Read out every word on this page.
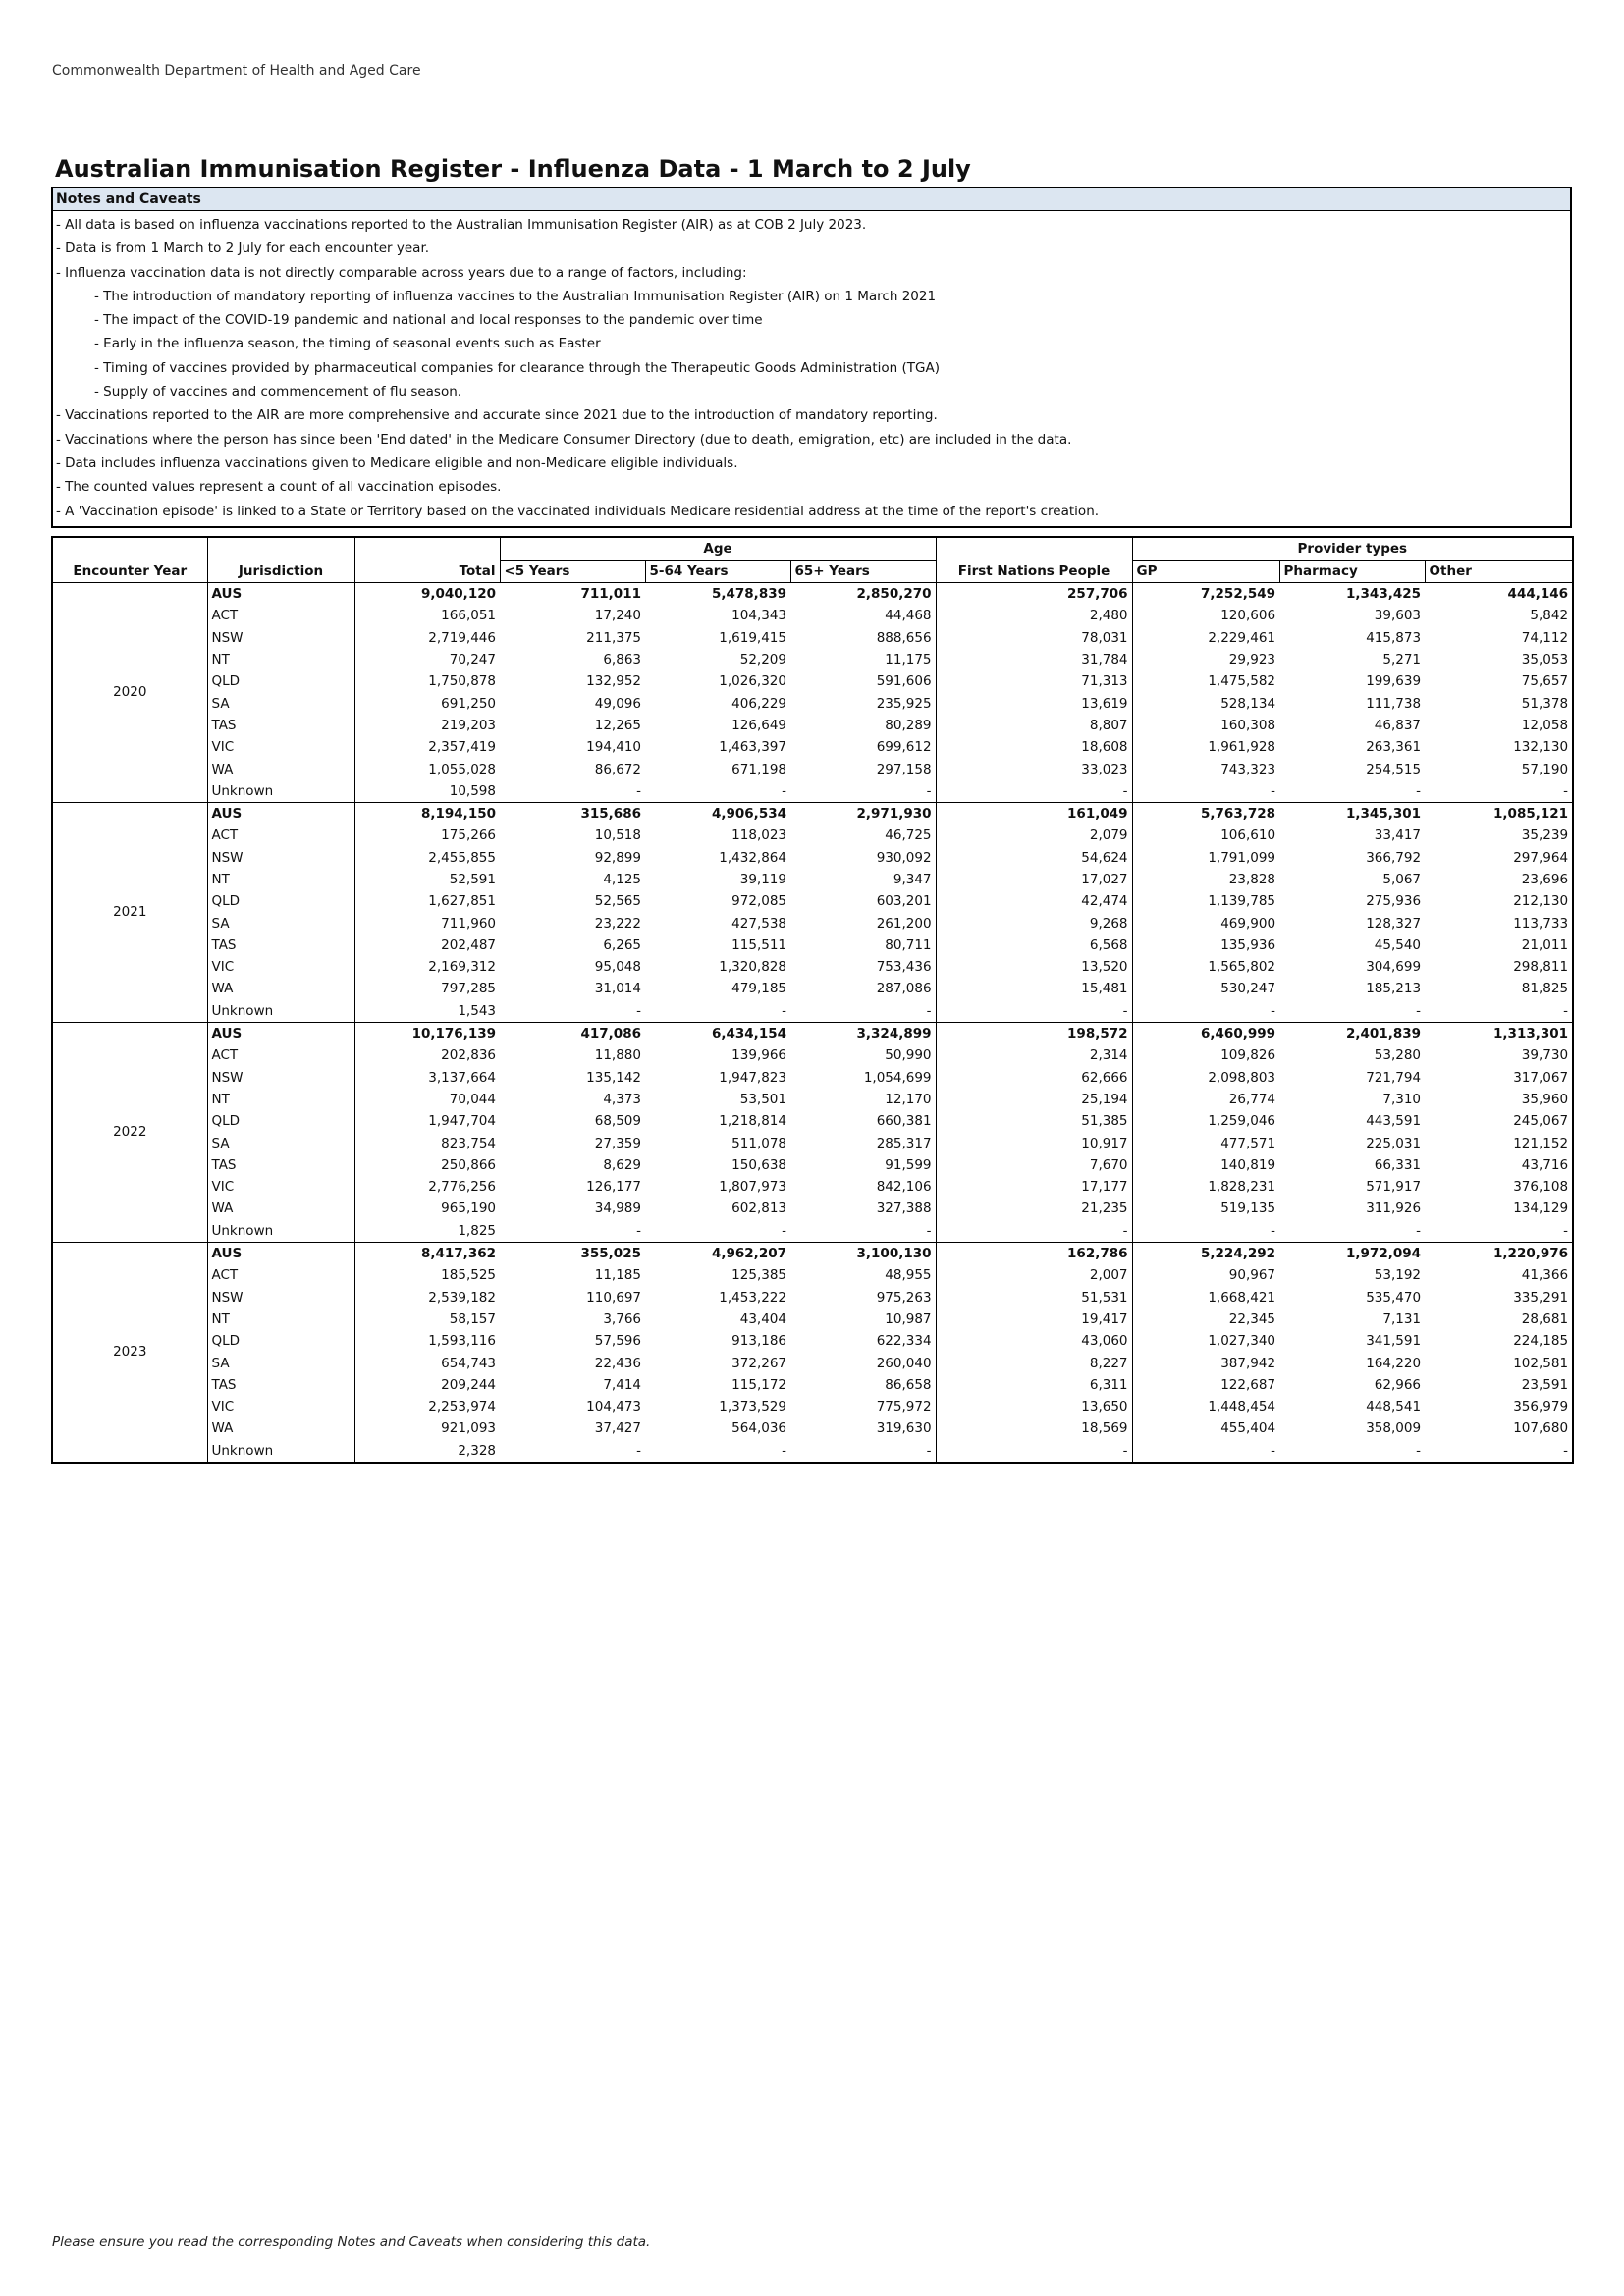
Commonwealth Department of Health and Aged Care
Australian Immunisation Register - Influenza Data - 1 March to 2 July
Notes and Caveats
- All data is based on influenza vaccinations reported to the Australian Immunisation Register (AIR) as at COB 2 July 2023.
- Data is from 1 March to 2 July for each encounter year.
- Influenza vaccination data is not directly comparable across years due to a range of factors, including:
- The introduction of mandatory reporting of influenza vaccines to the Australian Immunisation Register (AIR) on 1 March 2021
- The impact of the COVID-19 pandemic and national and local responses to the pandemic over time
- Early in the influenza season, the timing of seasonal events such as Easter
- Timing of vaccines provided by pharmaceutical companies for clearance through the Therapeutic Goods Administration (TGA)
- Supply of vaccines and commencement of flu season.
- Vaccinations reported to the AIR are more comprehensive and accurate since 2021 due to the introduction of mandatory reporting.
- Vaccinations where the person has since been 'End dated' in the Medicare Consumer Directory (due to death, emigration, etc) are included in the data.
- Data includes influenza vaccinations given to Medicare eligible and non-Medicare eligible individuals.
- The counted values represent a count of all vaccination episodes.
- A 'Vaccination episode' is linked to a State or Territory based on the vaccinated individuals Medicare residential address at the time of the report's creation.
			Age				Provider types		
Encounter Year	Jurisdiction	Total	<5 Years	5-64 Years	65+ Years	First Nations People	GP	Pharmacy	Other
2020	AUS	9,040,120	711,011	5,478,839	2,850,270	257,706	7,252,549	1,343,425	444,146
	ACT	166,051	17,240	104,343	44,468	2,480	120,606	39,603	5,842
	NSW	2,719,446	211,375	1,619,415	888,656	78,031	2,229,461	415,873	74,112
	NT	70,247	6,863	52,209	11,175	31,784	29,923	5,271	35,053
	QLD	1,750,878	132,952	1,026,320	591,606	71,313	1,475,582	199,639	75,657
	SA	691,250	49,096	406,229	235,925	13,619	528,134	111,738	51,378
	TAS	219,203	12,265	126,649	80,289	8,807	160,308	46,837	12,058
	VIC	2,357,419	194,410	1,463,397	699,612	18,608	1,961,928	263,361	132,130
	WA	1,055,028	86,672	671,198	297,158	33,023	743,323	254,515	57,190
	Unknown	10,598	-	-	-	-	-	-	-
2021	AUS	8,194,150	315,686	4,906,534	2,971,930	161,049	5,763,728	1,345,301	1,085,121
	ACT	175,266	10,518	118,023	46,725	2,079	106,610	33,417	35,239
	NSW	2,455,855	92,899	1,432,864	930,092	54,624	1,791,099	366,792	297,964
	NT	52,591	4,125	39,119	9,347	17,027	23,828	5,067	23,696
	QLD	1,627,851	52,565	972,085	603,201	42,474	1,139,785	275,936	212,130
	SA	711,960	23,222	427,538	261,200	9,268	469,900	128,327	113,733
	TAS	202,487	6,265	115,511	80,711	6,568	135,936	45,540	21,011
	VIC	2,169,312	95,048	1,320,828	753,436	13,520	1,565,802	304,699	298,811
	WA	797,285	31,014	479,185	287,086	15,481	530,247	185,213	81,825
	Unknown	1,543	-	-	-	-	-	-	-
2022	AUS	10,176,139	417,086	6,434,154	3,324,899	198,572	6,460,999	2,401,839	1,313,301
	ACT	202,836	11,880	139,966	50,990	2,314	109,826	53,280	39,730
	NSW	3,137,664	135,142	1,947,823	1,054,699	62,666	2,098,803	721,794	317,067
	NT	70,044	4,373	53,501	12,170	25,194	26,774	7,310	35,960
	QLD	1,947,704	68,509	1,218,814	660,381	51,385	1,259,046	443,591	245,067
	SA	823,754	27,359	511,078	285,317	10,917	477,571	225,031	121,152
	TAS	250,866	8,629	150,638	91,599	7,670	140,819	66,331	43,716
	VIC	2,776,256	126,177	1,807,973	842,106	17,177	1,828,231	571,917	376,108
	WA	965,190	34,989	602,813	327,388	21,235	519,135	311,926	134,129
	Unknown	1,825	-	-	-	-	-	-	-
2023	AUS	8,417,362	355,025	4,962,207	3,100,130	162,786	5,224,292	1,972,094	1,220,976
	ACT	185,525	11,185	125,385	48,955	2,007	90,967	53,192	41,366
	NSW	2,539,182	110,697	1,453,222	975,263	51,531	1,668,421	535,470	335,291
	NT	58,157	3,766	43,404	10,987	19,417	22,345	7,131	28,681
	QLD	1,593,116	57,596	913,186	622,334	43,060	1,027,340	341,591	224,185
	SA	654,743	22,436	372,267	260,040	8,227	387,942	164,220	102,581
	TAS	209,244	7,414	115,172	86,658	6,311	122,687	62,966	23,591
	VIC	2,253,974	104,473	1,373,529	775,972	13,650	1,448,454	448,541	356,979
	WA	921,093	37,427	564,036	319,630	18,569	455,404	358,009	107,680
	Unknown	2,328	-	-	-	-	-	-	-
Please ensure you read the corresponding Notes and Caveats when considering this data.
